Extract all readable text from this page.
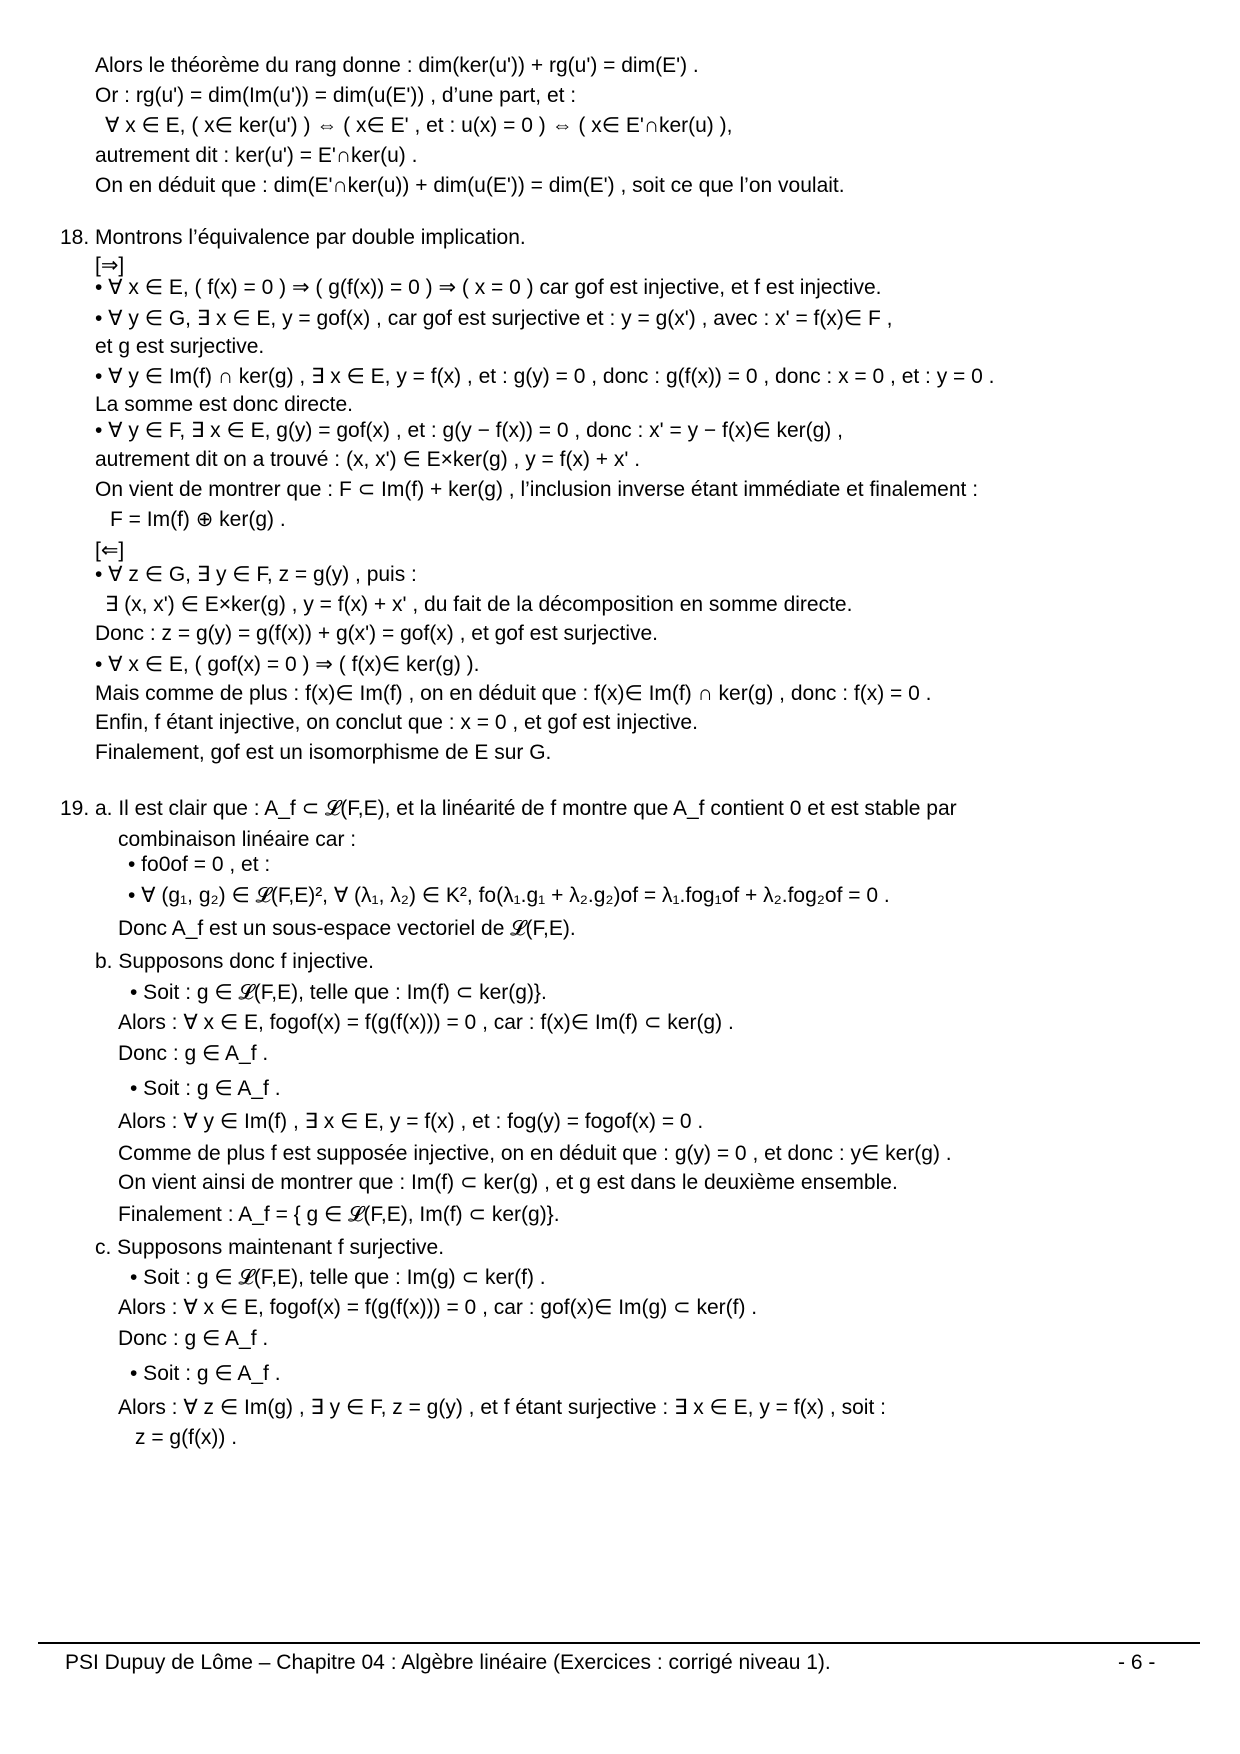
Alors le théorème du rang donne : dim(ker(u')) + rg(u') = dim(E') .
Or : rg(u') = dim(Im(u')) = dim(u(E')) , d’une part, et :
∀ x ∈ E, ( x∈ ker(u') ) ⇔ ( x∈ E' , et : u(x) = 0 ) ⇔ ( x∈ E'∩ker(u) ),
autrement dit : ker(u') = E'∩ker(u) .
On en déduit que : dim(E'∩ker(u)) + dim(u(E')) = dim(E') , soit ce que l’on voulait.
18. Montrons l’équivalence par double implication.
[⇒]
• ∀ x ∈ E, ( f(x) = 0 ) ⇒ ( g(f(x)) = 0 ) ⇒ ( x = 0 ) car gof est injective, et f est injective.
• ∀ y ∈ G, ∃ x ∈ E, y = gof(x) , car gof est surjective et : y = g(x') , avec : x' = f(x)∈ F ,
et g est surjective.
• ∀ y ∈ Im(f) ∩ ker(g) , ∃ x ∈ E, y = f(x) , et : g(y) = 0 , donc : g(f(x)) = 0 , donc : x = 0 , et : y = 0 .
La somme est donc directe.
• ∀ y ∈ F, ∃ x ∈ E, g(y) = gof(x) , et : g(y − f(x)) = 0 , donc : x' = y − f(x)∈ ker(g) ,
autrement dit on a trouvé : (x, x') ∈ E×ker(g) , y = f(x) + x' .
On vient de montrer que : F ⊂ Im(f) + ker(g) , l’inclusion inverse étant immédiate et finalement :
F = Im(f) ⊕ ker(g) .
[⇐]
• ∀ z ∈ G, ∃ y ∈ F, z = g(y) , puis :
∃ (x, x') ∈ E×ker(g) , y = f(x) + x' , du fait de la décomposition en somme directe.
Donc : z = g(y) = g(f(x)) + g(x') = gof(x) , et gof est surjective.
• ∀ x ∈ E, ( gof(x) = 0 ) ⇒ ( f(x)∈ ker(g) ).
Mais comme de plus : f(x)∈ Im(f) , on en déduit que : f(x)∈ Im(f) ∩ ker(g) , donc : f(x) = 0 .
Enfin, f étant injective, on conclut que : x = 0 , et gof est injective.
Finalement, gof est un isomorphisme de E sur G.
19. a. Il est clair que : A_f ⊂ 𝓛(F,E), et la linéarité de f montre que A_f contient 0 et est stable par
combinaison linéaire car :
• fo0of = 0 , et :
• ∀ (g₁, g₂) ∈ 𝓛(F,E)², ∀ (λ₁, λ₂) ∈ K², fo(λ₁.g₁ + λ₂.g₂)of = λ₁.fog₁of + λ₂.fog₂of = 0 .
Donc A_f est un sous-espace vectoriel de 𝓛(F,E).
b. Supposons donc f injective.
• Soit : g ∈ 𝓛(F,E), telle que : Im(f) ⊂ ker(g)}.
Alors : ∀ x ∈ E, fogof(x) = f(g(f(x))) = 0 , car : f(x)∈ Im(f) ⊂ ker(g) .
Donc : g ∈ A_f .
• Soit : g ∈ A_f .
Alors : ∀ y ∈ Im(f) , ∃ x ∈ E, y = f(x) , et : fog(y) = fogof(x) = 0 .
Comme de plus f est supposée injective, on en déduit que : g(y) = 0 , et donc : y∈ ker(g) .
On vient ainsi de montrer que : Im(f) ⊂ ker(g) , et g est dans le deuxième ensemble.
Finalement : A_f = { g ∈ 𝓛(F,E), Im(f) ⊂ ker(g)}.
c. Supposons maintenant f surjective.
• Soit : g ∈ 𝓛(F,E), telle que : Im(g) ⊂ ker(f) .
Alors : ∀ x ∈ E, fogof(x) = f(g(f(x))) = 0 , car : gof(x)∈ Im(g) ⊂ ker(f) .
Donc : g ∈ A_f .
• Soit : g ∈ A_f .
Alors : ∀ z ∈ Im(g) , ∃ y ∈ F, z = g(y) , et f étant surjective : ∃ x ∈ E, y = f(x) , soit :
z = g(f(x)) .
PSI Dupuy de Lôme – Chapitre 04 : Algèbre linéaire (Exercices : corrigé niveau 1).	- 6 -
